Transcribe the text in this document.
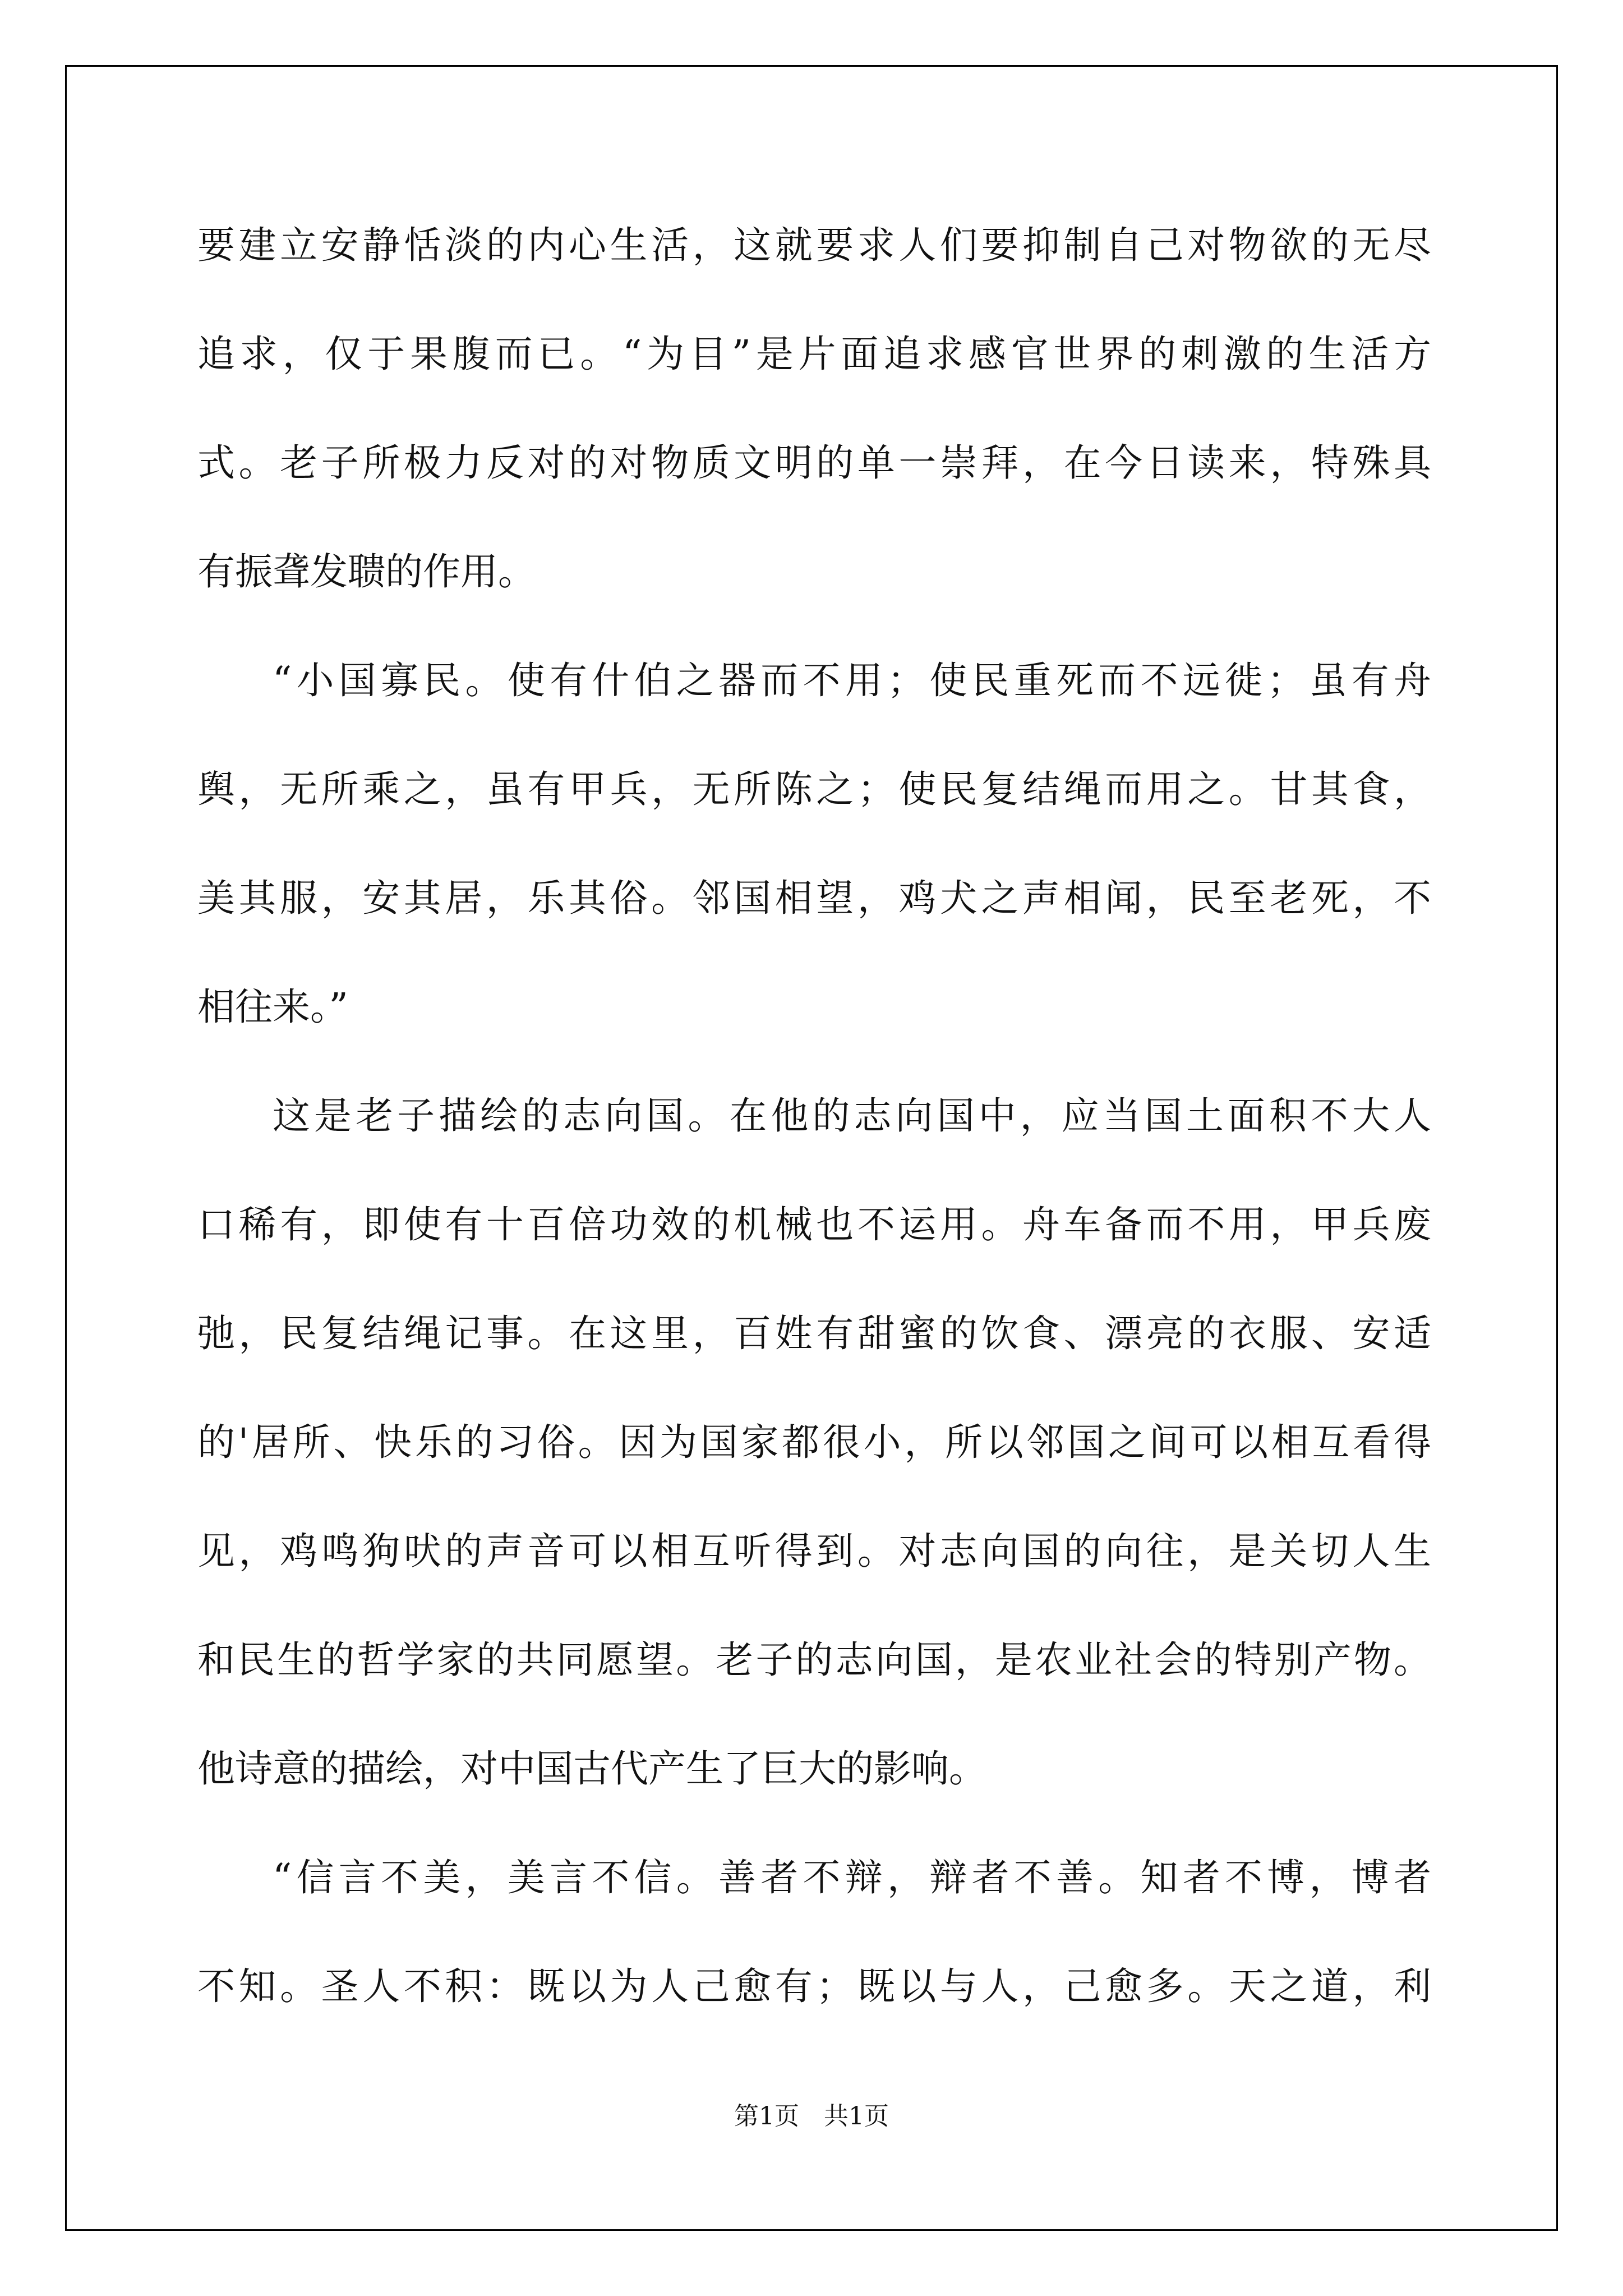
要建立安静恬淡的内心生活，这就要求人们要抑制自己对物欲的无尽
追求，仅于果腹而已。“为目”是片面追求感官世界的刺激的生活方
式。老子所极力反对的对物质文明的单一崇拜，在今日读来，特殊具
有振聋发聩的作用。
“小国寡民。使有什伯之器而不用；使民重死而不远徙；虽有舟
舆，无所乘之，虽有甲兵，无所陈之；使民复结绳而用之。甘其食，
美其服，安其居，乐其俗。邻国相望，鸡犬之声相闻，民至老死，不
相往来。”
这是老子描绘的志向国。在他的志向国中，应当国土面积不大人
口稀有，即使有十百倍功效的机械也不运用。舟车备而不用，甲兵废
弛，民复结绳记事。在这里，百姓有甜蜜的饮食、漂亮的衣服、安适
的'居所、快乐的习俗。因为国家都很小，所以邻国之间可以相互看得
见，鸡鸣狗吠的声音可以相互听得到。对志向国的向往，是关切人生
和民生的哲学家的共同愿望。老子的志向国，是农业社会的特别产物。
他诗意的描绘，对中国古代产生了巨大的影响。
“信言不美，美言不信。善者不辩，辩者不善。知者不博，博者
不知。圣人不积：既以为人己愈有；既以与人，己愈多。天之道，利
第1页　共1页
